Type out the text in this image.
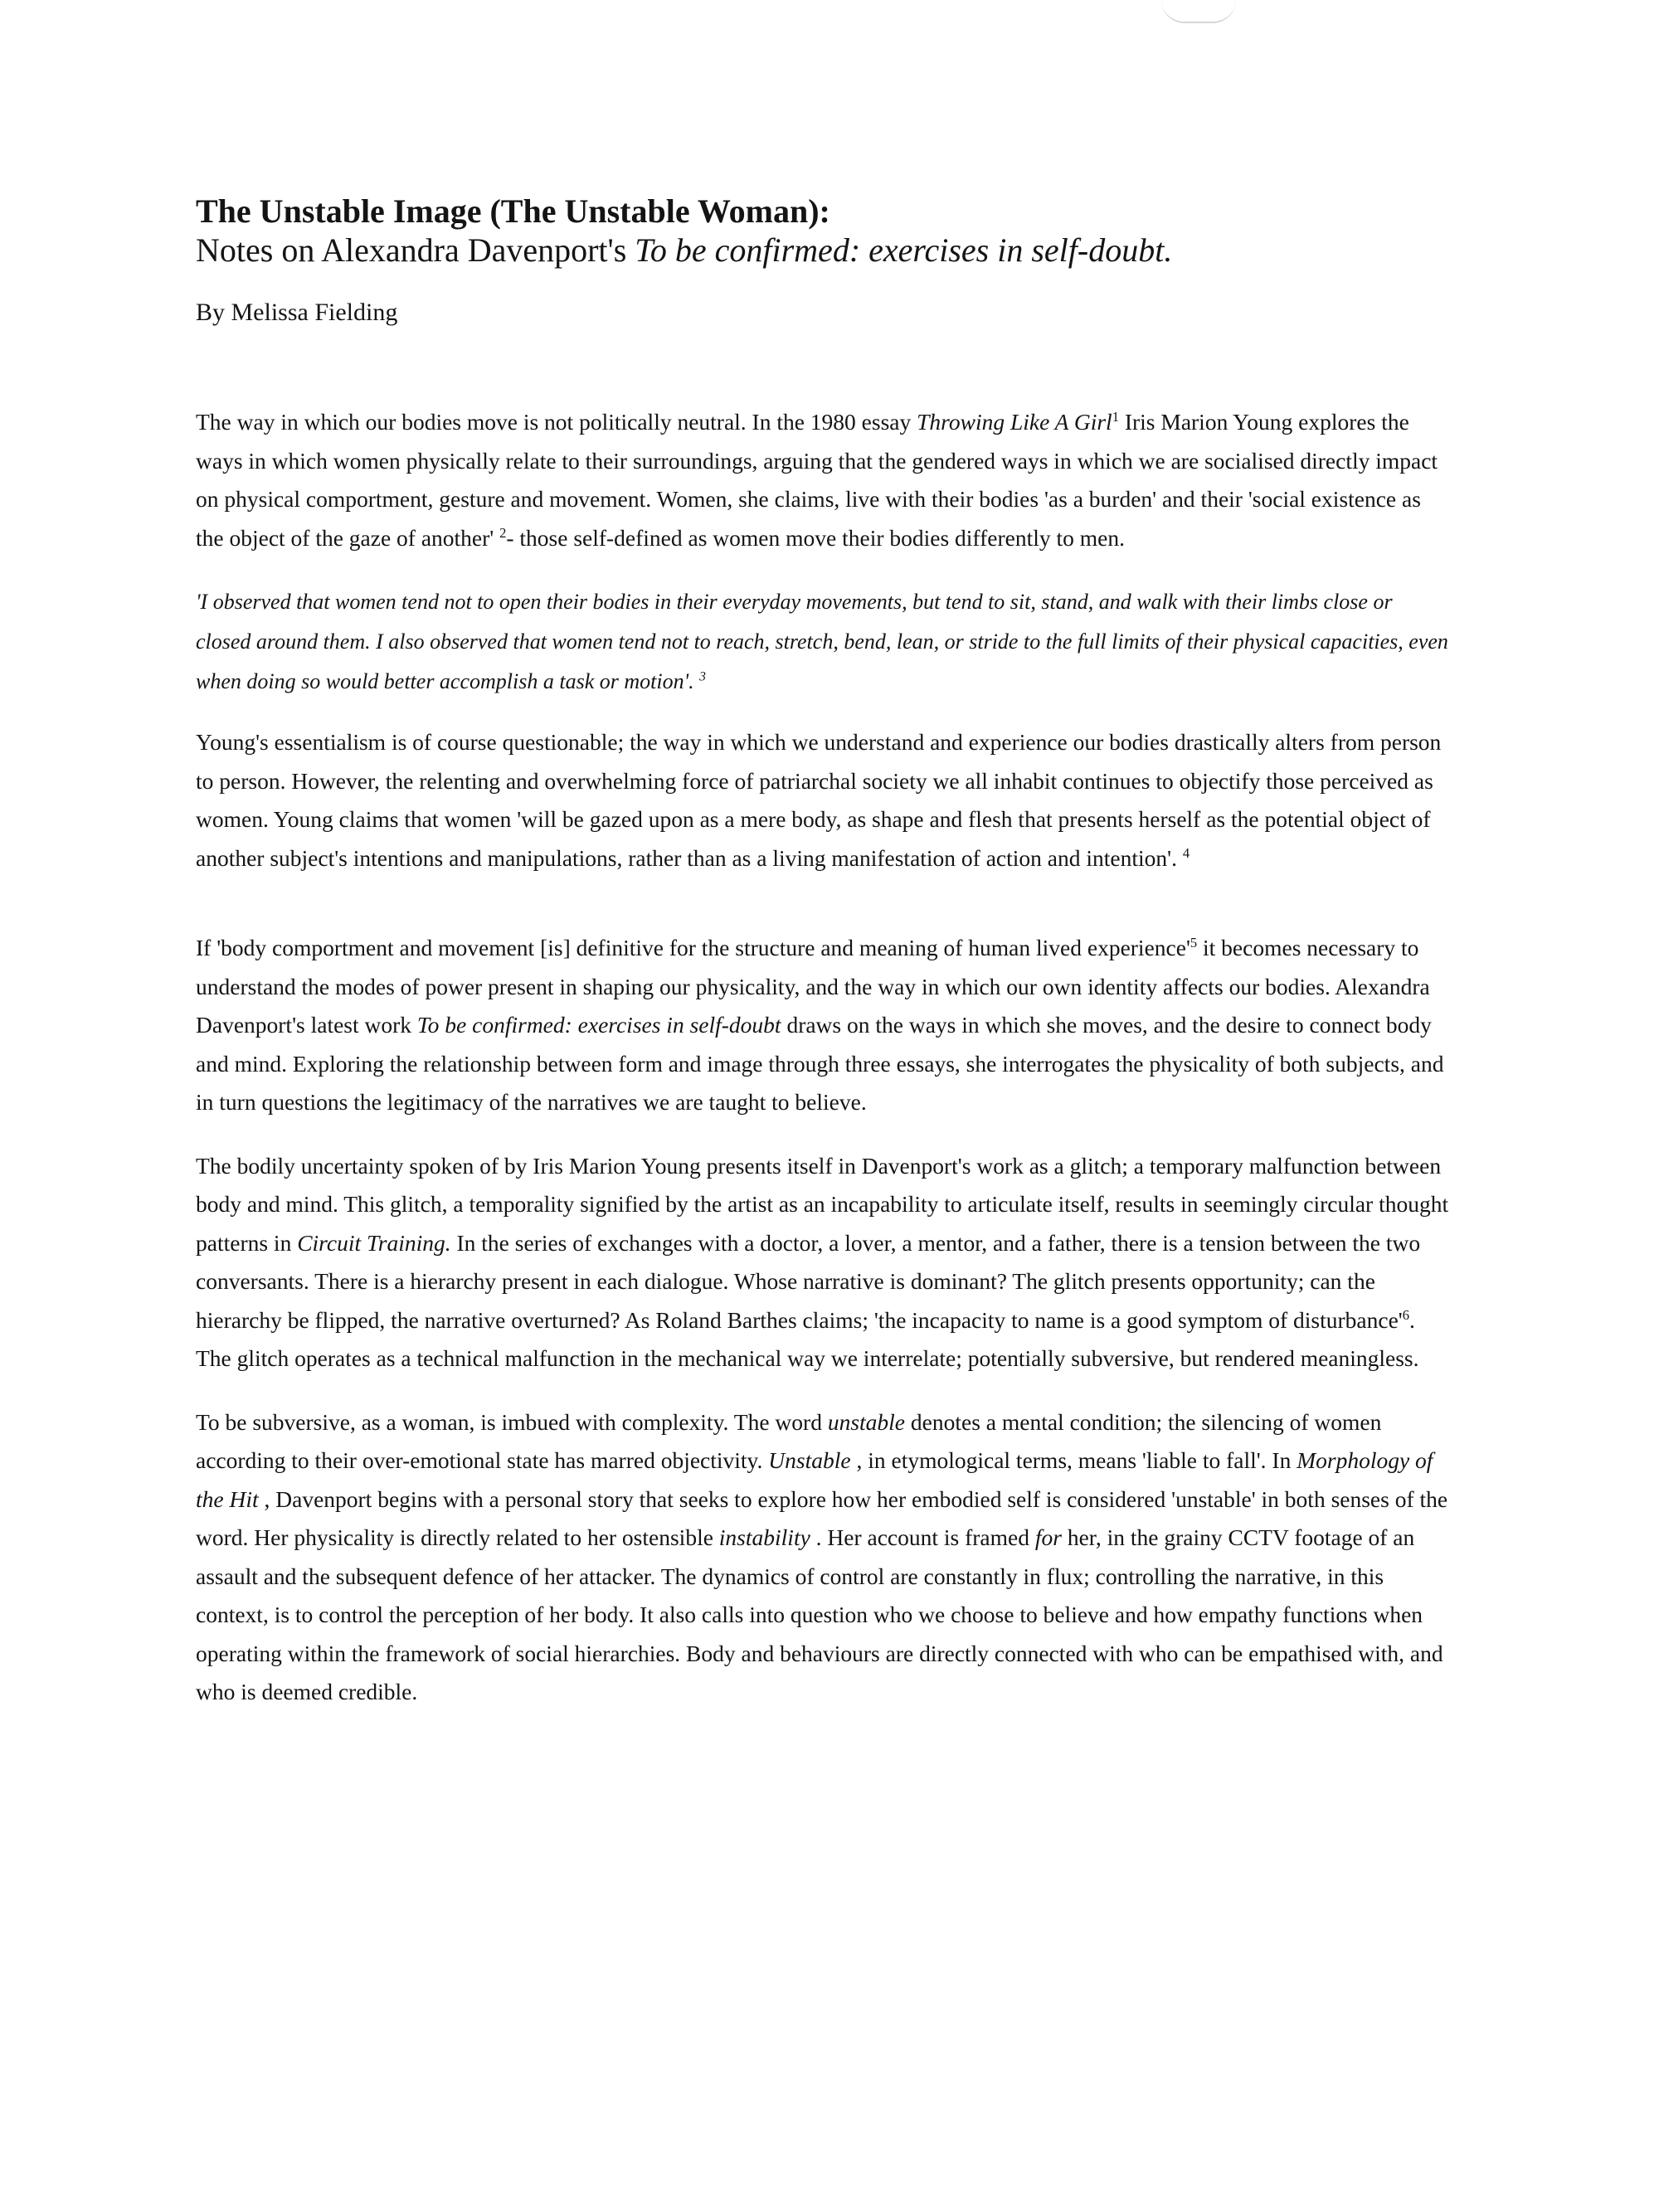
The Unstable Image (The Unstable Woman):

Notes on Alexandra Davenport's To be confirmed: exercises in self-doubt.

By Melissa Fielding

The way in which our bodies move is not politically neutral. In the 1980 essay Throwing Like A Girl$^1$ Iris Marion Young explores the ways in which women physically relate to their surroundings, arguing that the gendered ways in which we are socialised directly impact on physical comportment, gesture and movement. Women, she claims, live with their bodies 'as a burden' and their 'social existence as the object of the gaze of another' $^2$- those self-defined as women move their bodies differently to men.

'I observed that women tend not to open their bodies in their everyday movements, but tend to sit, stand, and walk with their limbs close or closed around them. I also observed that women tend not to reach, stretch, bend, lean, or stride to the full limits of their physical capacities, even when doing so would better accomplish a task or motion'. $^3$

Young's essentialism is of course questionable; the way in which we understand and experience our bodies drastically alters from person to person. However, the relenting and overwhelming force of patriarchal society we all inhabit continues to objectify those perceived as women. Young claims that women 'will be gazed upon as a mere body, as shape and flesh that presents herself as the potential object of another subject's intentions and manipulations, rather than as a living manifestation of action and intention'. $^4$

If 'body comportment and movement [is] definitive for the structure and meaning of human lived $experience'^5$ it becomes necessary to understand the modes of power present in shaping our physicality, and the way in which our own identity affects our bodies. Alexandra Davenport's latest work To be confirmed: exercises in self-doubt draws on the ways in which she moves, and the desire to connect body and mind. Exploring the relationship between form and image through three essays, she interrogates the physicality of both subjects, and in turn questions the legitimacy of the narratives we are taught to believe.

The bodily uncertainty spoken of by Iris Marion Young presents itself in Davenport's work as a glitch; a temporary malfunction between body and mind. This glitch, a temporality signified by the artist as an incapability to articulate itself, results in seemingly circular thought patterns in Circuit Training. In the series of exchanges with a doctor, a lover, a mentor, and a father, there is a tension between the two conversants. There is a hierarchy present in each dialogue. Whose narrative is dominant? The glitch presents opportunity; can the hierarchy be flipped, the narrative overturned? As Roland Barthes claims; 'the incapacity to name is a good symptom of $disturbance'^6$. The glitch operates as a technical malfunction in the mechanical way we interrelate; potentially subversive, but rendered meaningless.

To be subversive, as a woman, is imbued with complexity. The word unstable denotes a mental condition; the silencing of women according to their over-emotional state has marred objectivity. Unstable , in etymological terms, means 'liable to fall'. In Morphology of the Hit , Davenport begins with a personal story that seeks to explore how her embodied self is considered 'unstable' in both senses of the word. Her physicality is directly related to her ostensible instability . Her account is framed for her, in the grainy CCTV footage of an assault and the subsequent defence of her attacker. The dynamics of control are constantly in flux; controlling the narrative, in this context, is to control the perception of her body. It also calls into question who we choose to believe and how empathy functions when operating within the framework of social hierarchies. Body and behaviours are directly connected with who can be empathised with, and who is deemed credible.
